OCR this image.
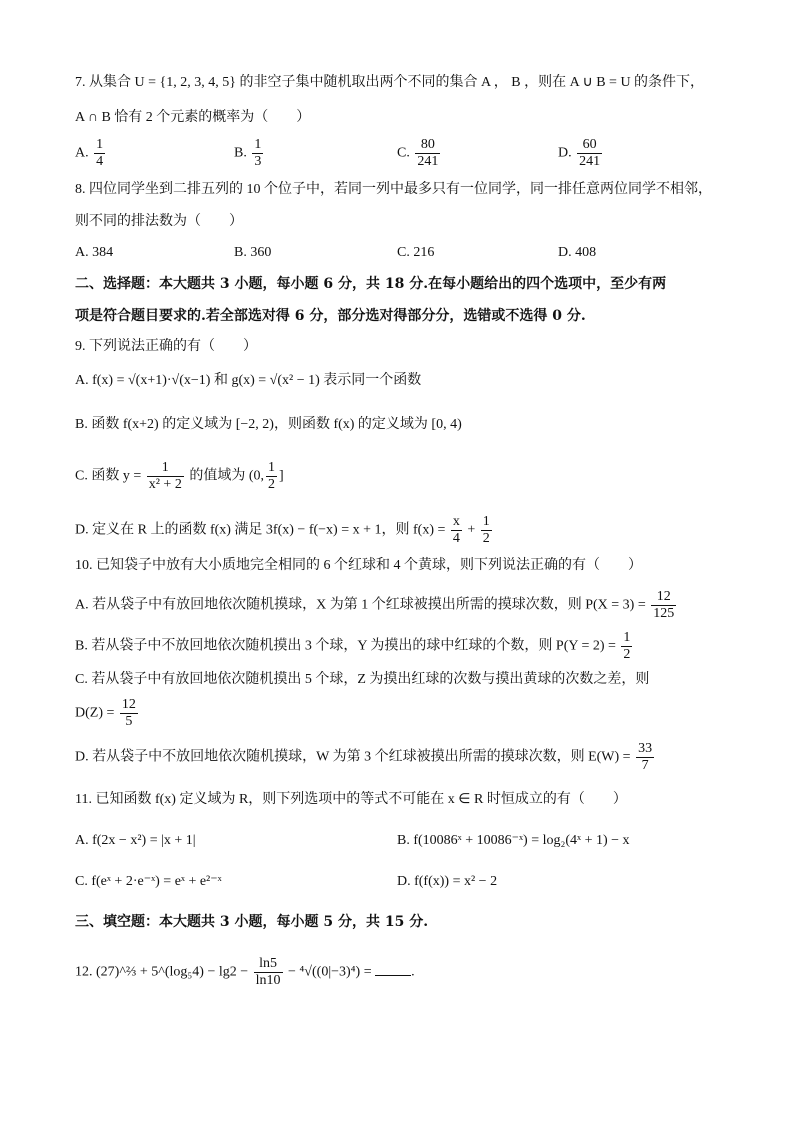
7. 从集合 U = {1, 2, 3, 4, 5} 的非空子集中随机取出两个不同的集合 A ， B ，则在 A ∪ B = U 的条件下，
A ∩ B 恰有 2 个元素的概率为（　　）
A. $\frac{1}{4}$	B. $\frac{1}{3}$	C. $\frac{80}{241}$	D. $\frac{60}{241}$
8. 四位同学坐到二排五列的 10 个位子中，若同一列中最多只有一位同学，同一排任意两位同学不相邻，
则不同的排法数为（　　）
A. 384	B. 360	C. 216	D. 408
二、选择题：本大题共 3 小题，每小题 6 分，共 18 分.在每小题给出的四个选项中，至少有两
项是符合题目要求的.若全部选对得 6 分，部分选对得部分分，选错或不选得 0 分.
9. 下列说法正确的有（　　）
A. f(x) = √(x+1)·√(x−1) 和 g(x) = √(x² − 1) 表示同一个函数
B. 函数 f(x+2) 的定义域为 [−2, 2)，则函数 f(x) 的定义域为 [0, 4)
C. 函数 $y = \frac{1}{\text{x² + 2}}$ 的值域为 (0, $\frac{1}{2}$ ]
D. 定义在 R 上的函数 f(x) 满足 3f(x) − f(−x) = x + 1，则 $f(x) = \frac{x}{4} + \frac{1}{2}$
10. 已知袋子中放有大小质地完全相同的 6 个红球和 4 个黄球，则下列说法正确的有（　　）
A. 若从袋子中有放回地依次随机摸球，X 为第 1 个红球被摸出所需的摸球次数，则 $P(X = 3) = \frac{12}{125}$
B. 若从袋子中不放回地依次随机摸出 3 个球，Y 为摸出的球中红球的个数，则 $P(Y = 2) = \frac{1}{2}$
C. 若从袋子中有放回地依次随机摸出 5 个球，Z 为摸出红球的次数与摸出黄球的次数之差，则
$D(Z) = \frac{12}{5}$
D. 若从袋子中不放回地依次随机摸球，W 为第 3 个红球被摸出所需的摸球次数，则 $E(W) = \frac{33}{7}$
11. 已知函数 f(x) 定义域为 R，则下列选项中的等式不可能在 x ∈ R 时恒成立的有（　　）
A. f(2x − x²) = |x + 1|	B. f(10086ˣ + 10086⁻ˣ) = log₂(4ˣ + 1) − x
C. f(eˣ + 2·e⁻ˣ) = eˣ + e²⁻ˣ	D. f(f(x)) = x² − 2
三、填空题：本大题共 3 小题，每小题 5 分，共 15 分.
12. (27)^⅔ + 5^(log₅4) − $\lg 2 - \frac{\ln 5}{\ln 10} - ^4√((0|-3)^4)$ =	.
